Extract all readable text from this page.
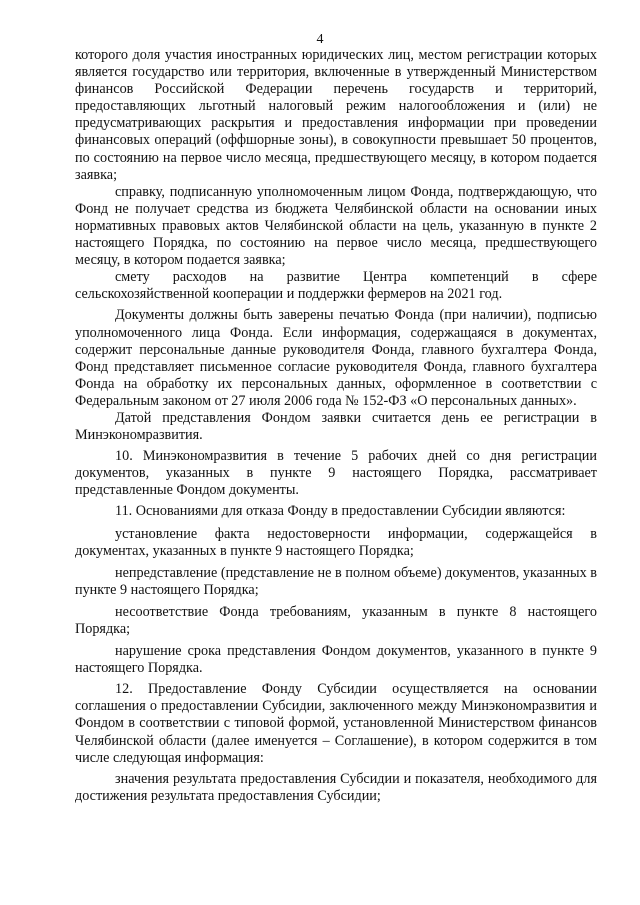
4

которого доля участия иностранных юридических лиц, местом регистрации которых является государство или территория, включенные в утвержденный Министерством финансов Российской Федерации перечень государств и территорий, предоставляющих льготный налоговый режим налогообложения и (или) не предусматривающих раскрытия и предоставления информации при проведении финансовых операций (оффшорные зоны), в совокупности превышает 50 процентов, по состоянию на первое число месяца, предшествующего месяцу, в котором подается заявка;

справку, подписанную уполномоченным лицом Фонда, подтверждающую, что Фонд не получает средства из бюджета Челябинской области на основании иных нормативных правовых актов Челябинской области на цель, указанную в пункте 2 настоящего Порядка, по состоянию на первое число месяца, предшествующего месяцу, в котором подается заявка;

смету расходов на развитие Центра компетенций в сфере сельскохозяйственной кооперации и поддержки фермеров на 2021 год.

Документы должны быть заверены печатью Фонда (при наличии), подписью уполномоченного лица Фонда. Если информация, содержащаяся в документах, содержит персональные данные руководителя Фонда, главного бухгалтера Фонда, Фонд представляет письменное согласие руководителя Фонда, главного бухгалтера Фонда на обработку их персональных данных, оформленное в соответствии с Федеральным законом от 27 июля 2006 года № 152-ФЗ «О персональных данных».

Датой представления Фондом заявки считается день ее регистрации в Минэкономразвития.

10. Минэкономразвития в течение 5 рабочих дней со дня регистрации документов, указанных в пункте 9 настоящего Порядка, рассматривает представленные Фондом документы.

11. Основаниями для отказа Фонду в предоставлении Субсидии являются:

установление факта недостоверности информации, содержащейся в документах, указанных в пункте 9 настоящего Порядка;

непредставление (представление не в полном объеме) документов, указанных в пункте 9 настоящего Порядка;

несоответствие Фонда требованиям, указанным в пункте 8 настоящего Порядка;

нарушение срока представления Фондом документов, указанного в пункте 9 настоящего Порядка.

12. Предоставление Фонду Субсидии осуществляется на основании соглашения о предоставлении Субсидии, заключенного между Минэкономразвития и Фондом в соответствии с типовой формой, установленной Министерством финансов Челябинской области (далее именуется – Соглашение), в котором содержится в том числе следующая информация:

значения результата предоставления Субсидии и показателя, необходимого для достижения результата предоставления Субсидии;
